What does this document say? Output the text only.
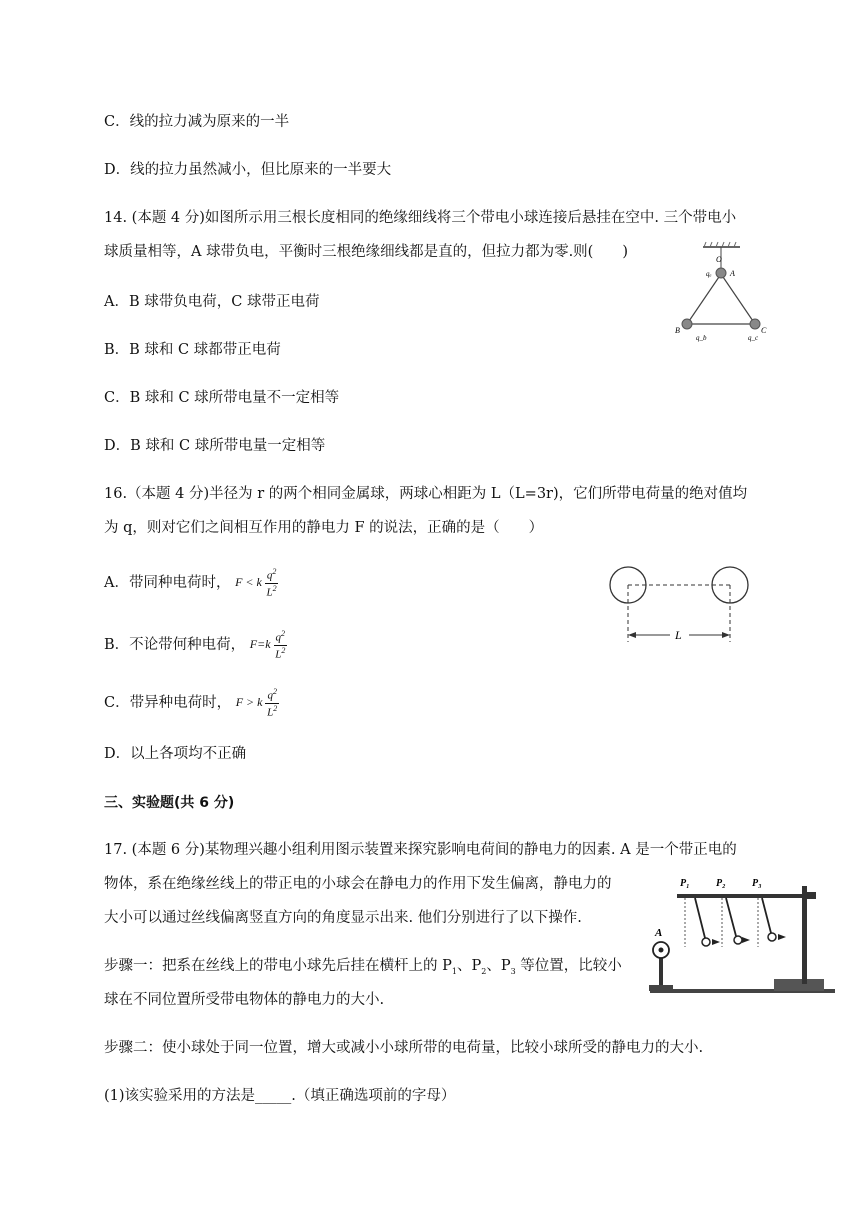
C．线的拉力减为原来的一半
D．线的拉力虽然减小，但比原来的一半要大
14. (本题 4 分)如图所示用三根长度相同的绝缘细线将三个带电小球连接后悬挂在空中. 三个带电小
球质量相等，A 球带负电，平衡时三根绝缘细线都是直的，但拉力都为零.则(　　)
A．B 球带负电荷，C 球带正电荷
B．B 球和 C 球都带正电荷
C．B 球和 C 球所带电量不一定相等
D．B 球和 C 球所带电量一定相等
O
A
qₐ
B	C
q_b	q_c
16.（本题 4 分)半径为 r 的两个相同金属球，两球心相距为 L（L=3r)，它们所带电荷量的绝对值均
为 q，则对它们之间相互作用的静电力 F 的说法，正确的是（　　）
A．带同种电荷时， F < k $\frac{q^2}{L^2}$
B．不论带何种电荷， $F=k \frac{q^2}{L^2}$
C．带异种电荷时， F > k $\frac{q^2}{L^2}$
D．以上各项均不正确
L
三、实验题(共 6 分)
17. (本题 6 分)某物理兴趣小组利用图示装置来探究影响电荷间的静电力的因素. A 是一个带正电的
物体，系在绝缘丝线上的带正电的小球会在静电力的作用下发生偏离，静电力的
大小可以通过丝线偏离竖直方向的角度显示出来. 他们分别进行了以下操作.
步骤一：把系在丝线上的带电小球先后挂在横杆上的 $P_1$、$P_2$、$P_3$ 等位置，比较小
球在不同位置所受带电物体的静电力的大小.
步骤二：使小球处于同一位置，增大或减小小球所带的电荷量，比较小球所受的静电力的大小.
(1)该实验采用的方法是_____.（填正确选项前的字母）
P₁	P₂	P₃
A
